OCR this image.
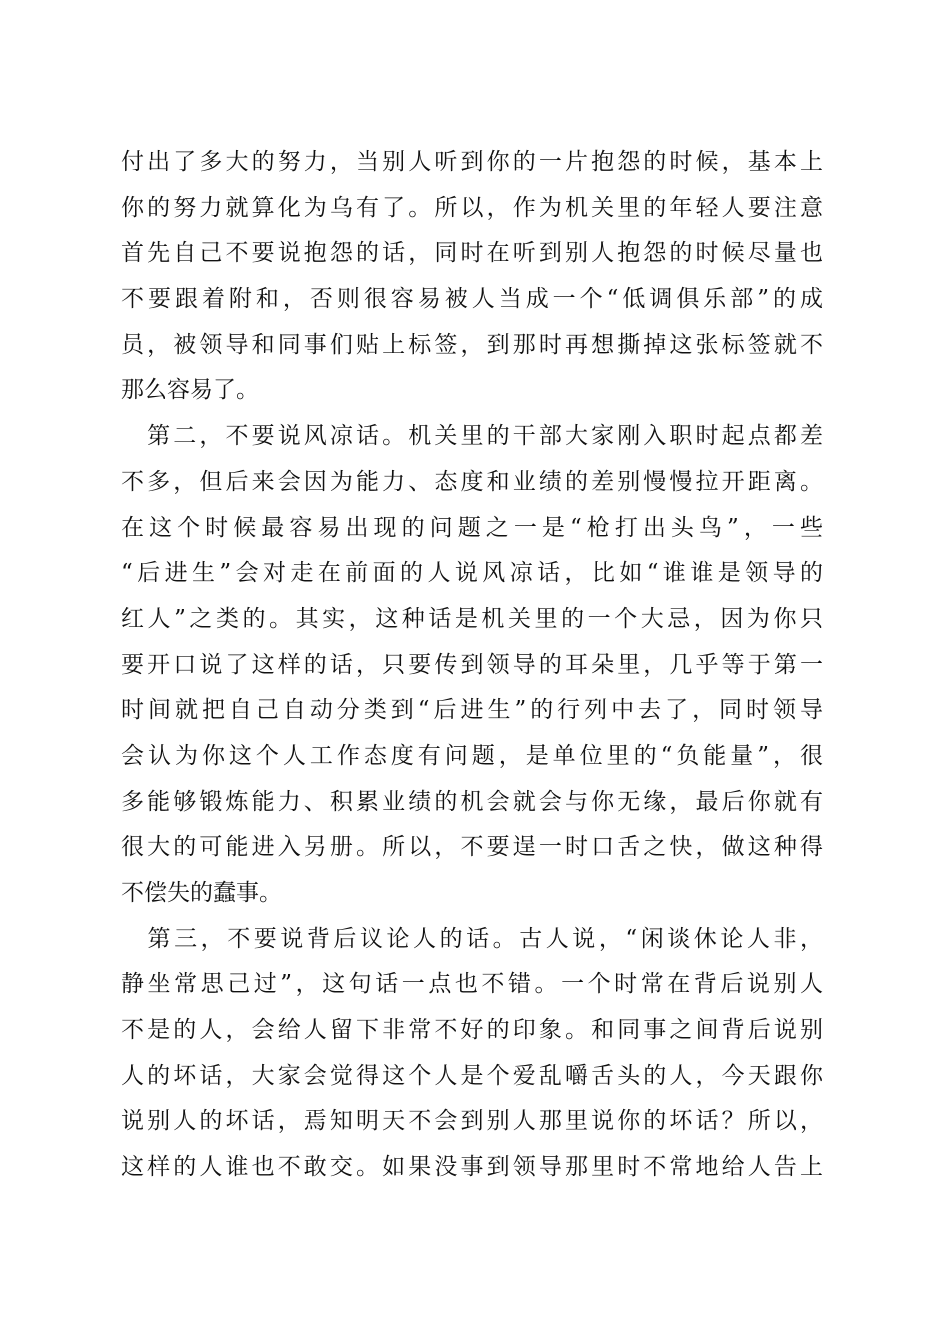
付出了多大的努力，当别人听到你的一片抱怨的时候，基本上
你的努力就算化为乌有了。所以，作为机关里的年轻人要注意
首先自己不要说抱怨的话，同时在听到别人抱怨的时候尽量也
不要跟着附和，否则很容易被人当成一个“低调俱乐部”的成
员，被领导和同事们贴上标签，到那时再想撕掉这张标签就不
那么容易了。
　第二，不要说风凉话。机关里的干部大家刚入职时起点都差
不多，但后来会因为能力、态度和业绩的差别慢慢拉开距离。
在这个时候最容易出现的问题之一是“枪打出头鸟”，一些
“后进生”会对走在前面的人说风凉话，比如“谁谁是领导的
红人”之类的。其实，这种话是机关里的一个大忌，因为你只
要开口说了这样的话，只要传到领导的耳朵里，几乎等于第一
时间就把自己自动分类到“后进生”的行列中去了，同时领导
会认为你这个人工作态度有问题，是单位里的“负能量”，很
多能够锻炼能力、积累业绩的机会就会与你无缘，最后你就有
很大的可能进入另册。所以，不要逞一时口舌之快，做这种得
不偿失的蠢事。
　第三，不要说背后议论人的话。古人说，“闲谈休论人非，
静坐常思己过”，这句话一点也不错。一个时常在背后说别人
不是的人，会给人留下非常不好的印象。和同事之间背后说别
人的坏话，大家会觉得这个人是个爱乱嚼舌头的人，今天跟你
说别人的坏话，焉知明天不会到别人那里说你的坏话？所以，
这样的人谁也不敢交。如果没事到领导那里时不常地给人告上
